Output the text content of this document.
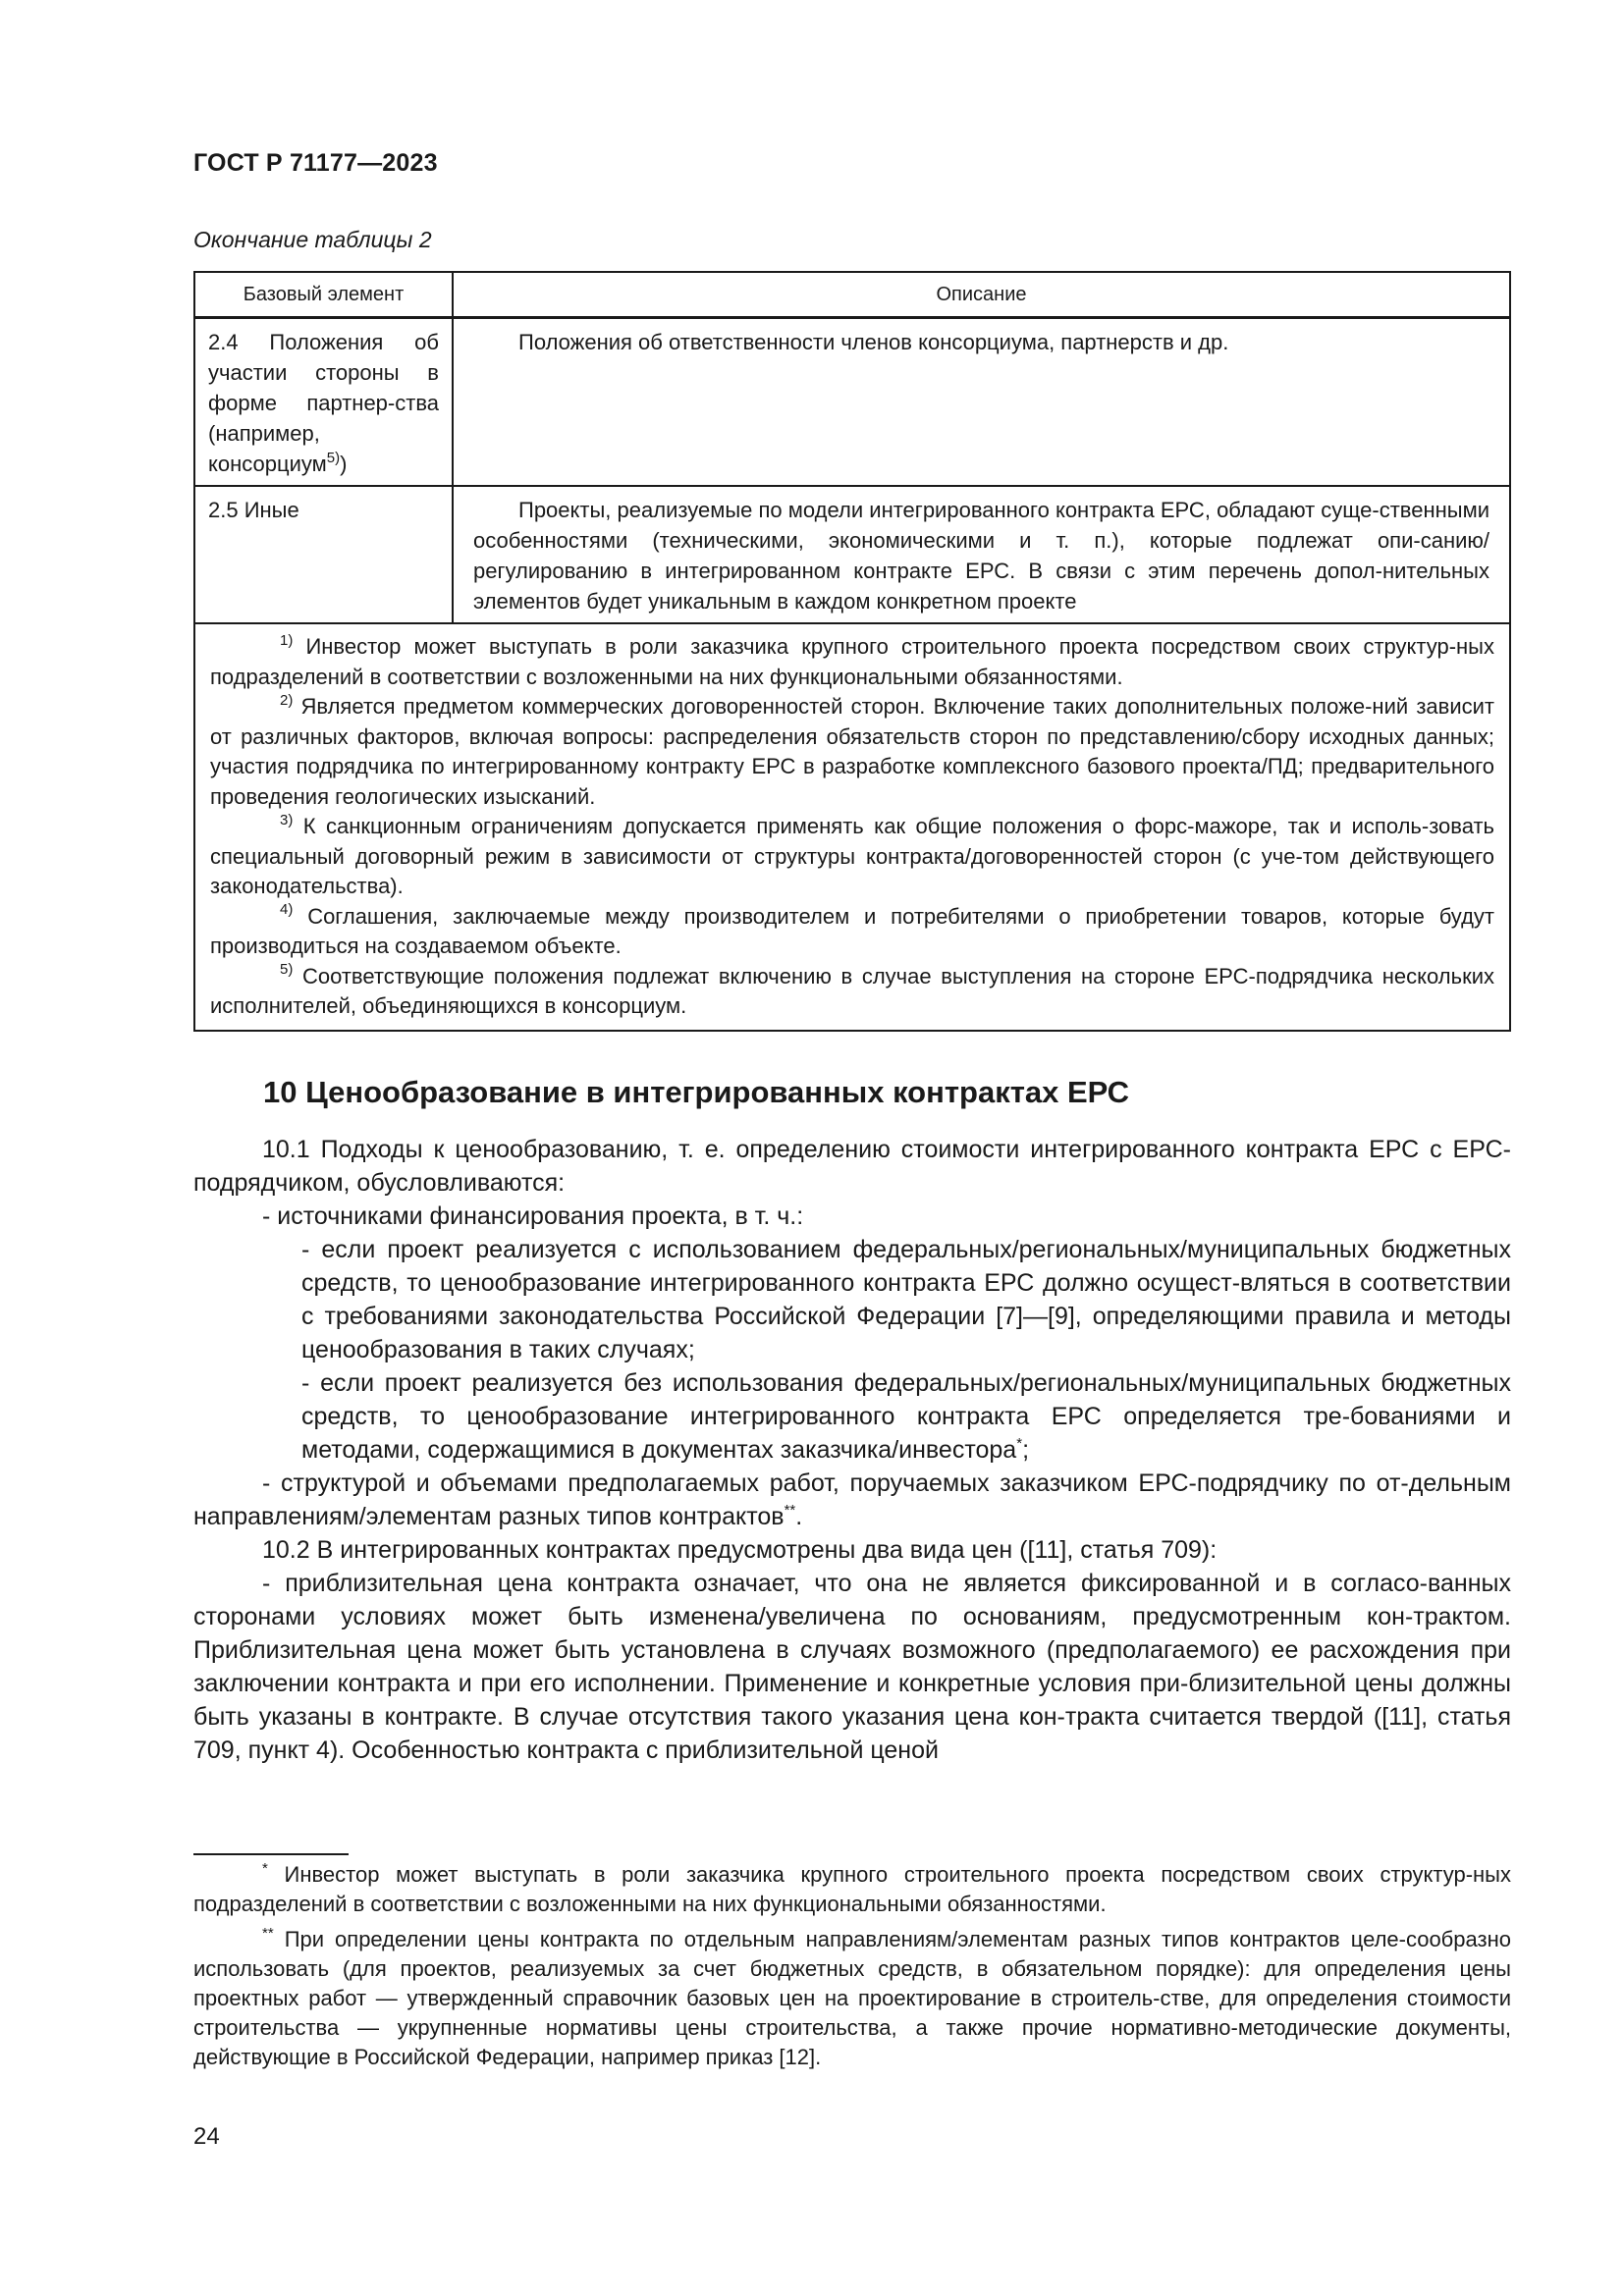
ГОСТ Р 71177—2023
Окончание таблицы 2
Базовый элемент	Описание
2.4 Положения об участии стороны в форме партнер-ства (например, консорциум$^{5)}$)	Положения об ответственности членов консорциума, партнерств и др.
2.5 Иные	Проекты, реализуемые по модели интегрированного контракта ЕРС, обладают суще-ственными особенностями (техническими, экономическими и т. п.), которые подлежат опи-санию/регулированию в интегрированном контракте ЕРС. В связи с этим перечень допол-нительных элементов будет уникальным в каждом конкретном проекте

$^{1)}$ Инвестор может выступать в роли заказчика крупного строительного проекта посредством своих структур-ных подразделений в соответствии с возложенными на них функциональными обязанностями.

$^{2)}$ Является предметом коммерческих договоренностей сторон. Включение таких дополнительных положе-ний зависит от различных факторов, включая вопросы: распределения обязательств сторон по представлению/сбору исходных данных; участия подрядчика по интегрированному контракту ЕРС в разработке комплексного базового проекта/ПД; предварительного проведения геологических изысканий.

$^{3)}$ К санкционным ограничениям допускается применять как общие положения о форс-мажоре, так и исполь-зовать специальный договорный режим в зависимости от структуры контракта/договоренностей сторон (с уче-том действующего законодательства).

$^{4)}$ Соглашения, заключаемые между производителем и потребителями о приобретении товаров, которые будут производиться на создаваемом объекте.

$^{5)}$ Соответствующие положения подлежат включению в случае выступления на стороне ЕРС-подрядчика нескольких исполнителей, объединяющихся в консорциум.	

10 Ценообразование в интегрированных контрактах ЕРС

10.1 Подходы к ценообразованию, т. е. определению стоимости интегрированного контракта ЕРС с ЕРС-подрядчиком, обусловливаются:

- источниками финансирования проекта, в т. ч.:

- если проект реализуется с использованием федеральных/региональных/муниципальных бюджетных средств, то ценообразование интегрированного контракта ЕРС должно осущест-вляться в соответствии с требованиями законодательства Российской Федерации [7]—[9], определяющими правила и методы ценообразования в таких случаях;

- если проект реализуется без использования федеральных/региональных/муниципальных бюджетных средств, то ценообразование интегрированного контракта ЕРС определяется тре-бованиями и методами, содержащимися в документах заказчика/инвестора*;

- структурой и объемами предполагаемых работ, поручаемых заказчиком ЕРС-подрядчику по от-дельным направлениям/элементам разных типов контрактов**.

10.2 В интегрированных контрактах предусмотрены два вида цен ([11], статья 709):

- приблизительная цена контракта означает, что она не является фиксированной и в согласо-ванных сторонами условиях может быть изменена/увеличена по основаниям, предусмотренным кон-трактом. Приблизительная цена может быть установлена в случаях возможного (предполагаемого) ее расхождения при заключении контракта и при его исполнении. Применение и конкретные условия при-близительной цены должны быть указаны в контракте. В случае отсутствия такого указания цена кон-тракта считается твердой ([11], статья 709, пункт 4). Особенностью контракта с приблизительной ценой

* Инвестор может выступать в роли заказчика крупного строительного проекта посредством своих структур-ных подразделений в соответствии с возложенными на них функциональными обязанностями.

** При определении цены контракта по отдельным направлениям/элементам разных типов контрактов целе-сообразно использовать (для проектов, реализуемых за счет бюджетных средств, в обязательном порядке): для определения цены проектных работ — утвержденный справочник базовых цен на проектирование в строитель-стве, для определения стоимости строительства — укрупненные нормативы цены строительства, а также прочие нормативно-методические документы, действующие в Российской Федерации, например приказ [12].

24
